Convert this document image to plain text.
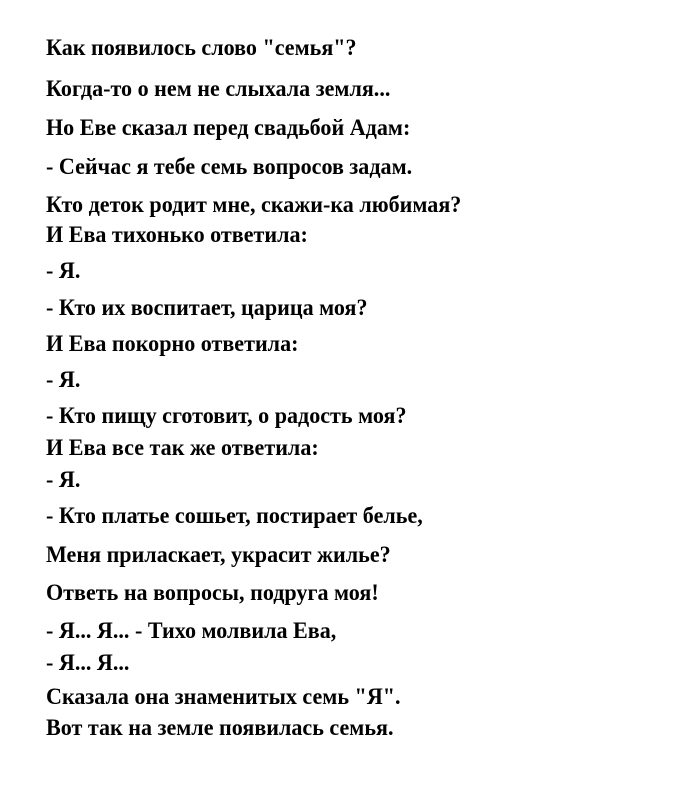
Как появилось слово "семья"?
Когда-то о нем не слыхала земля...
Но Еве сказал перед свадьбой Адам:
- Сейчас я тебе семь вопросов задам.
Кто деток родит мне, скажи-ка любимая?
И Ева тихонько ответила:
- Я.
- Кто их воспитает, царица моя?
И Ева покорно ответила:
- Я.
- Кто пищу сготовит, о радость моя?
И Ева все так же ответила:
- Я.
- Кто платье сошьет, постирает белье,
Меня приласкает, украсит жилье?
Ответь на вопросы, подруга моя!
- Я... Я... - Тихо молвила Ева,
- Я... Я...
Сказала она знаменитых семь "Я".
Вот так на земле появилась семья.
